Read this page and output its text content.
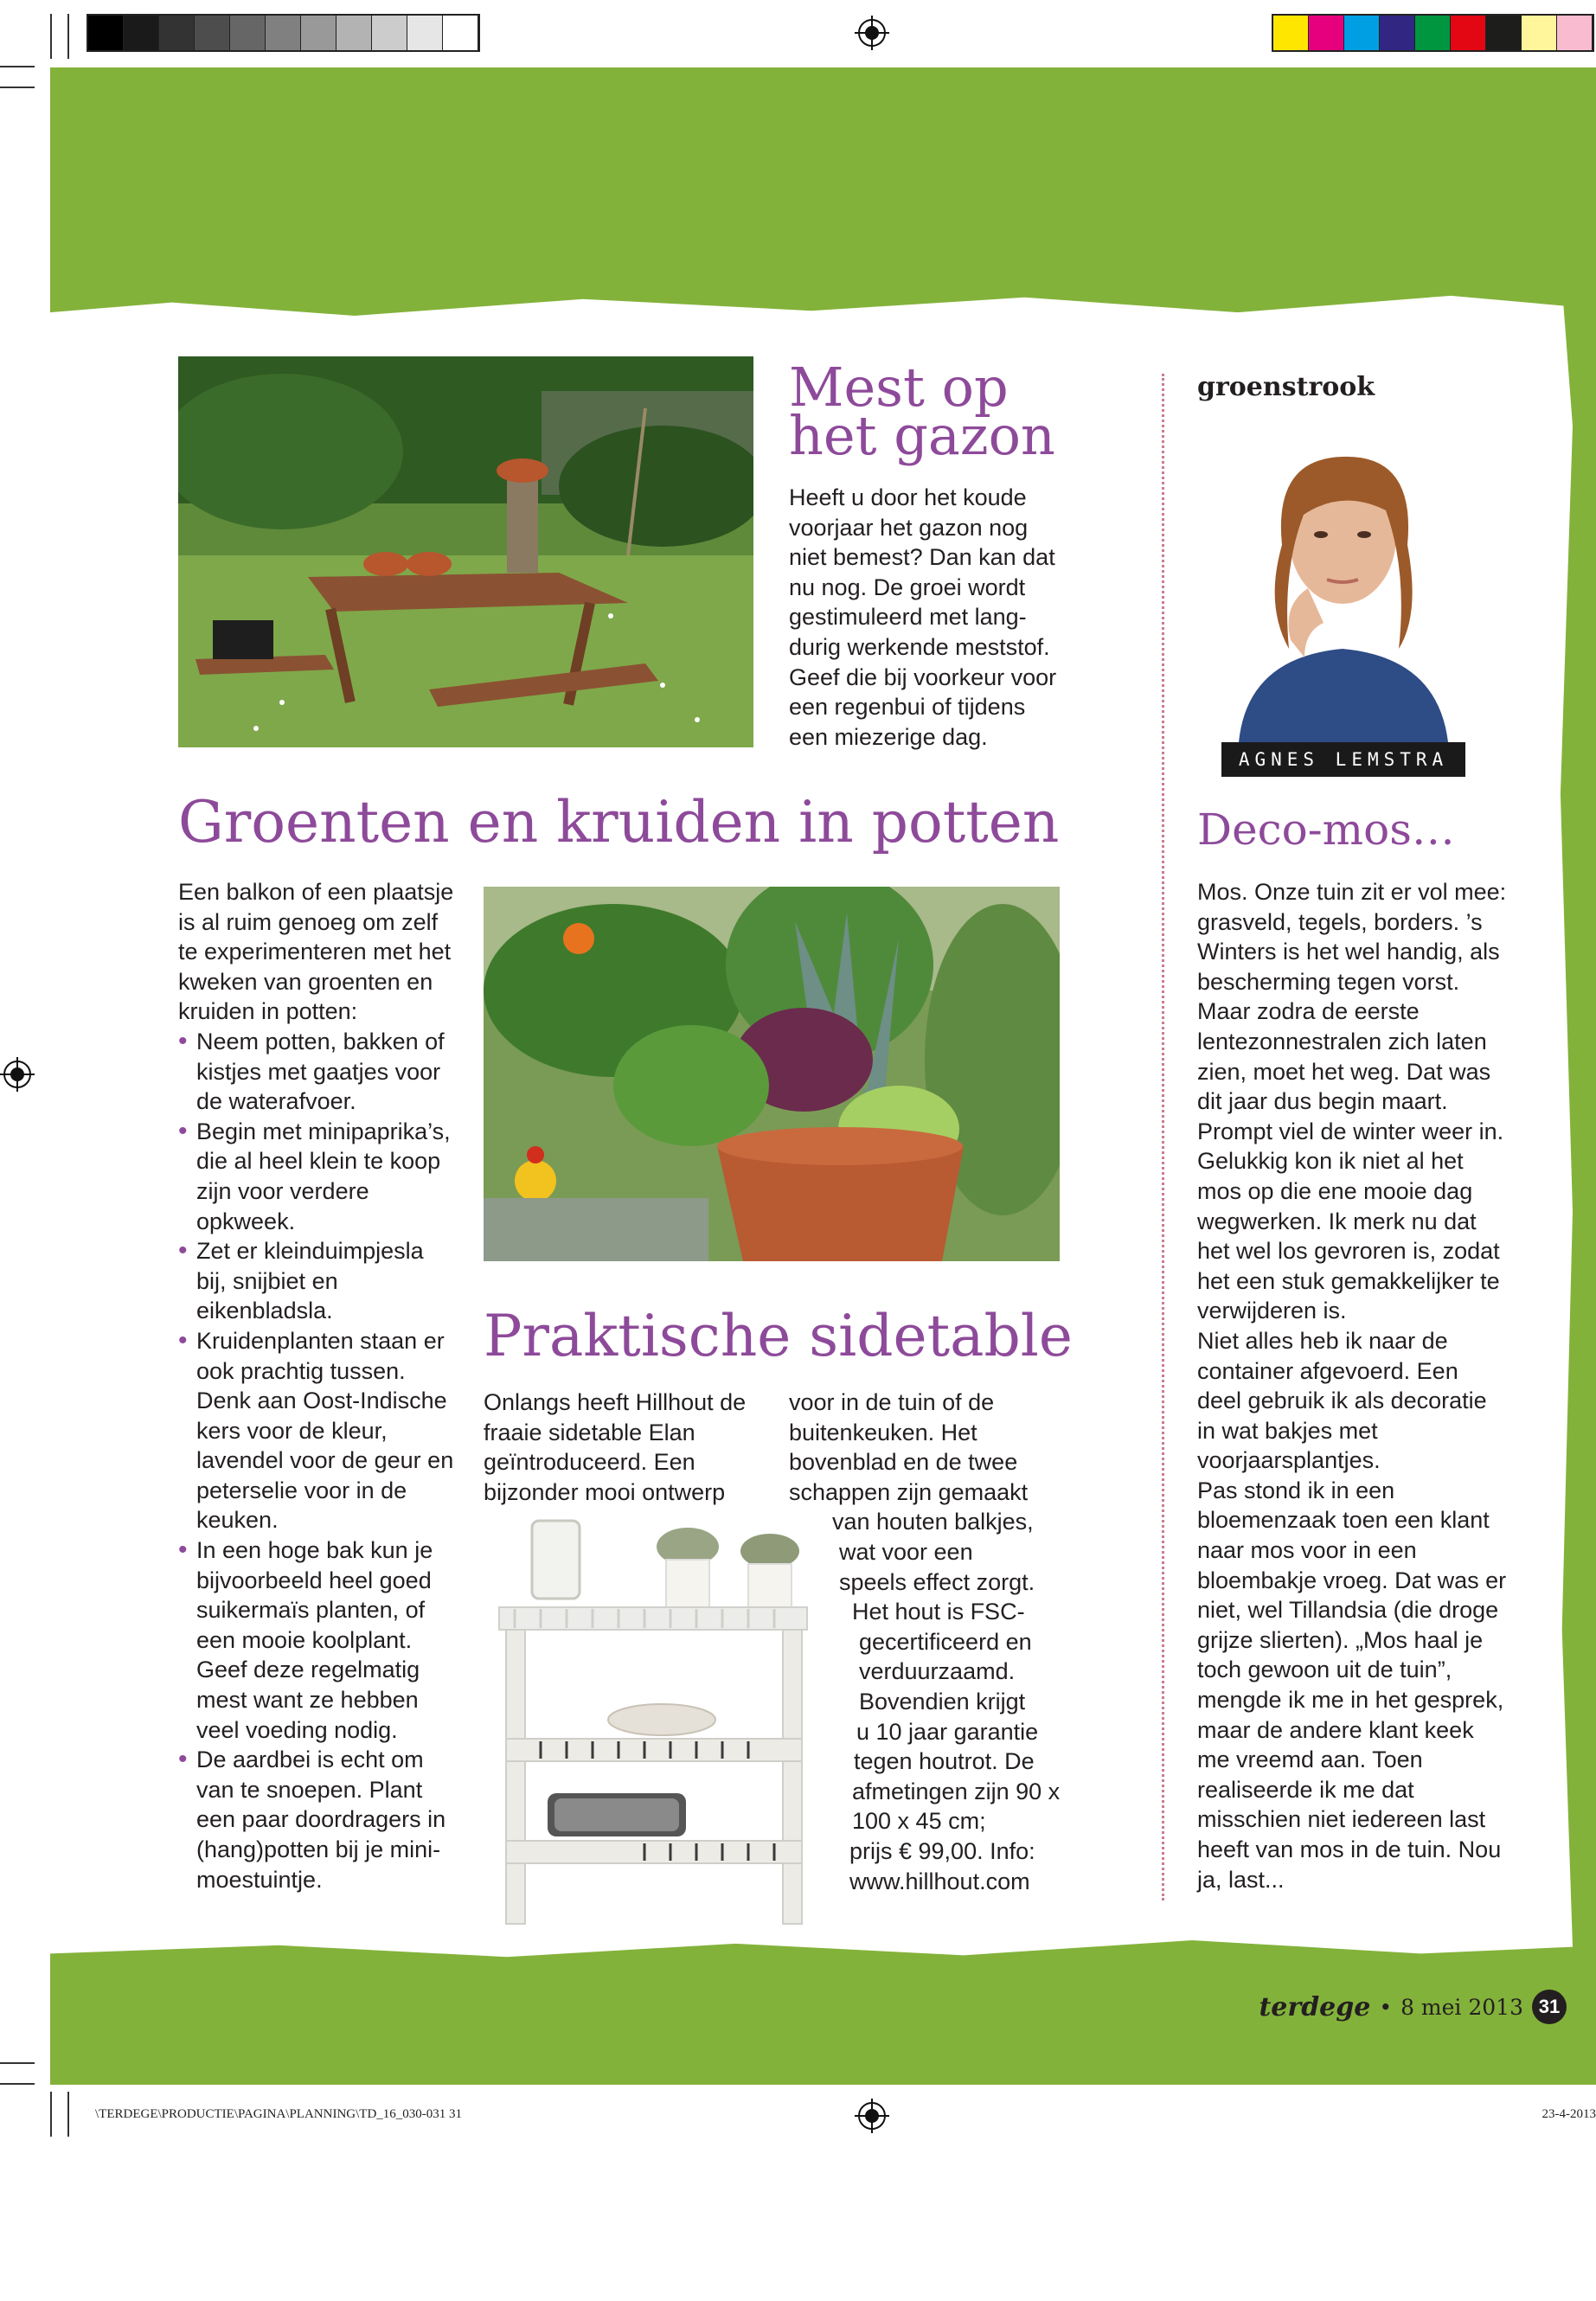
Mest op
het gazon

Heeft u door het koude voorjaar het gazon nog niet bemest? Dan kan dat nu nog. De groei wordt gestimuleerd met langdurig werkende meststof. Geef die bij voorkeur voor een regenbui of tijdens een miezerige dag.

Groenten en kruiden in potten

Een balkon of een plaatsje is al ruim genoeg om zelf te experimenteren met het kweken van groenten en kruiden in potten:

• Neem potten, bakken of kistjes met gaatjes voor de waterafvoer.
• Begin met minipaprika’s, die al heel klein te koop zijn voor verdere opkweek.
• Zet er kleinduimpjesla bij, snijbiet en eikenbladsla.
• Kruidenplanten staan er ook prachtig tussen. Denk aan Oost-Indische kers voor de kleur, lavendel voor de geur en peterselie voor in de keuken.
• In een hoge bak kun je bijvoorbeeld heel goed suikermaïs planten, of een mooie koolplant. Geef deze regelmatig mest want ze hebben veel voeding nodig.
• De aardbei is echt om van te snoepen. Plant een paar doordragers in (hang)potten bij je minimoestuintje.
Praktische sidetable

Onlangs heeft Hillhout de fraaie sidetable Elan geïntroduceerd. Een bijzonder mooi ontwerp

voor in de tuin of de
buitenkeuken. Het
bovenblad en de twee
schappen zijn gemaakt
van houten balkjes,
wat voor een
speels effect zorgt.
Het hout is FSC-
gecertificeerd en
verduurzaamd.
Bovendien krijgt
u 10 jaar garantie
tegen houtrot. De
afmetingen zijn 90 x
100 x 45 cm;
prijs € 99,00. Info:
www.hillhout.com
groenstrook
AGNES LEMSTRA
Deco-mos…

Mos. Onze tuin zit er vol mee: grasveld, tegels, borders. ’s Winters is het wel handig, als bescherming tegen vorst. Maar zodra de eerste lentezonnestralen zich laten zien, moet het weg. Dat was dit jaar dus begin maart. Prompt viel de winter weer in. Gelukkig kon ik niet al het mos op die ene mooie dag wegwerken. Ik merk nu dat het wel los gevroren is, zodat het een stuk gemakkelijker te verwijderen is.

Niet alles heb ik naar de container afgevoerd. Een deel gebruik ik als decoratie in wat bakjes met voorjaarsplantjes.

Pas stond ik in een bloemenzaak toen een klant naar mos voor in een bloembakje vroeg. Dat was er niet, wel Tillandsia (die droge grijze slierten). „Mos haal je toch gewoon uit de tuin”, mengde ik me in het gesprek, maar de andere klant keek me vreemd aan. Toen realiseerde ik me dat misschien niet iedereen last heeft van mos in de tuin. Nou ja, last...

terdege • 8 mei 2013 31
\TERDEGE\PRODUCTIE\PAGINA\PLANNING\TD_16_030-031 31	23-4-2013
